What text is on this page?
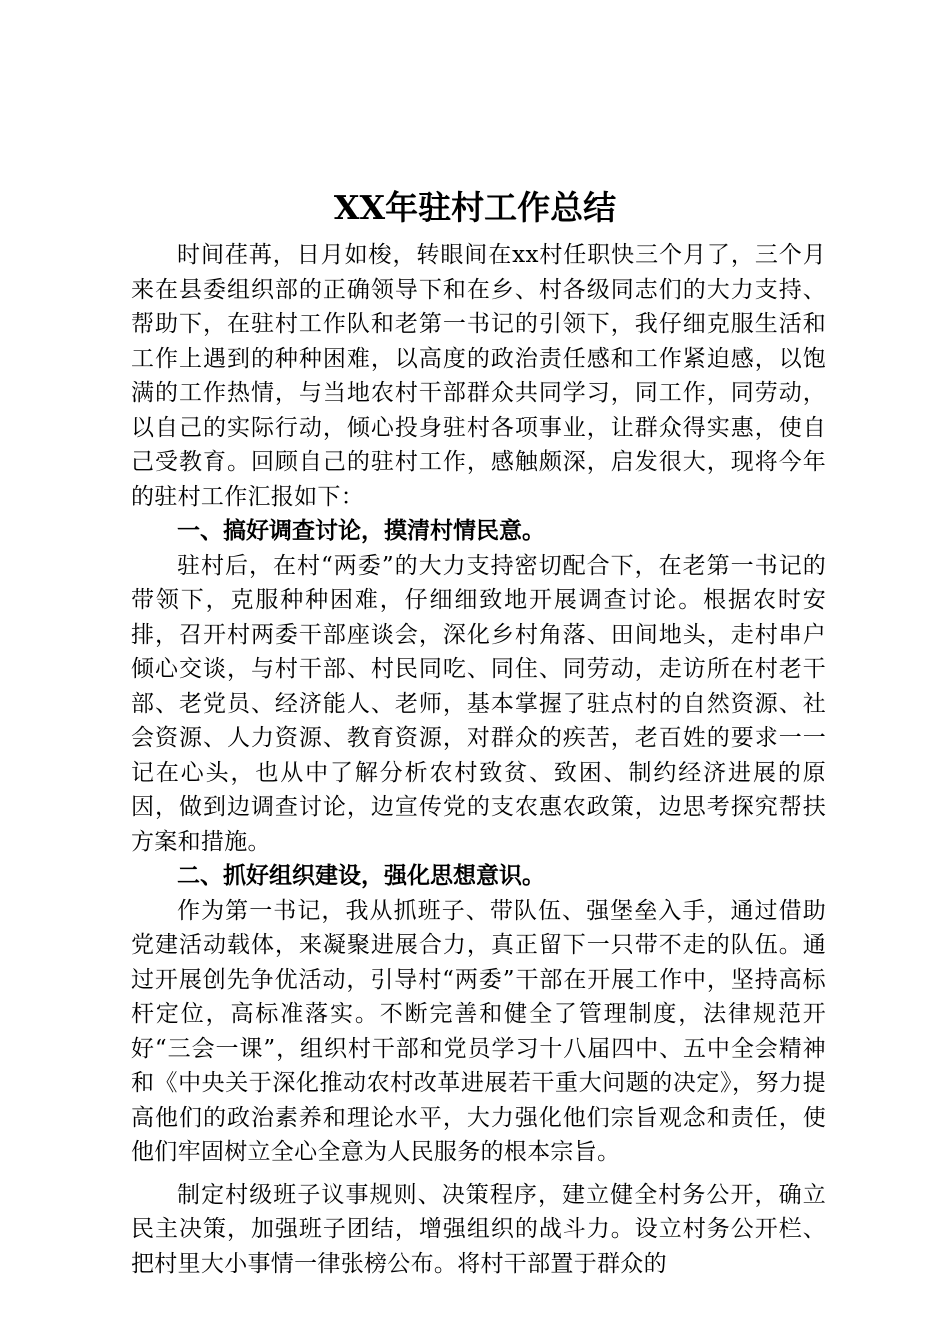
XX年驻村工作总结

时间荏苒，日月如梭，转眼间在xx村任职快三个月了，三个月来在县委组织部的正确领导下和在乡、村各级同志们的大力支持、帮助下，在驻村工作队和老第一书记的引领下，我仔细克服生活和工作上遇到的种种困难，以高度的政治责任感和工作紧迫感，以饱满的工作热情，与当地农村干部群众共同学习，同工作，同劳动，以自己的实际行动，倾心投身驻村各项事业，让群众得实惠，使自己受教育。回顾自己的驻村工作，感触颇深，启发很大，现将今年的驻村工作汇报如下：

一、搞好调查讨论，摸清村情民意。

驻村后，在村“两委”的大力支持密切配合下，在老第一书记的带领下，克服种种困难，仔细细致地开展调查讨论。根据农时安排，召开村两委干部座谈会，深化乡村角落、田间地头，走村串户倾心交谈，与村干部、村民同吃、同住、同劳动，走访所在村老干部、老党员、经济能人、老师，基本掌握了驻点村的自然资源、社会资源、人力资源、教育资源，对群众的疾苦，老百姓的要求一一记在心头，也从中了解分析农村致贫、致困、制约经济进展的原因，做到边调查讨论，边宣传党的支农惠农政策，边思考探究帮扶方案和措施。

二、抓好组织建设，强化思想意识。

作为第一书记，我从抓班子、带队伍、强堡垒入手，通过借助党建活动载体，来凝聚进展合力，真正留下一只带不走的队伍。通过开展创先争优活动，引导村“两委”干部在开展工作中，坚持高标杆定位，高标准落实。不断完善和健全了管理制度，法律规范开好“三会一课”，组织村干部和党员学习十八届四中、五中全会精神和《中央关于深化推动农村改革进展若干重大问题的决定》，努力提高他们的政治素养和理论水平，大力强化他们宗旨观念和责任，使他们牢固树立全心全意为人民服务的根本宗旨。

制定村级班子议事规则、决策程序，建立健全村务公开，确立民主决策，加强班子团结，增强组织的战斗力。设立村务公开栏、把村里大小事情一律张榜公布。将村干部置于群众的
